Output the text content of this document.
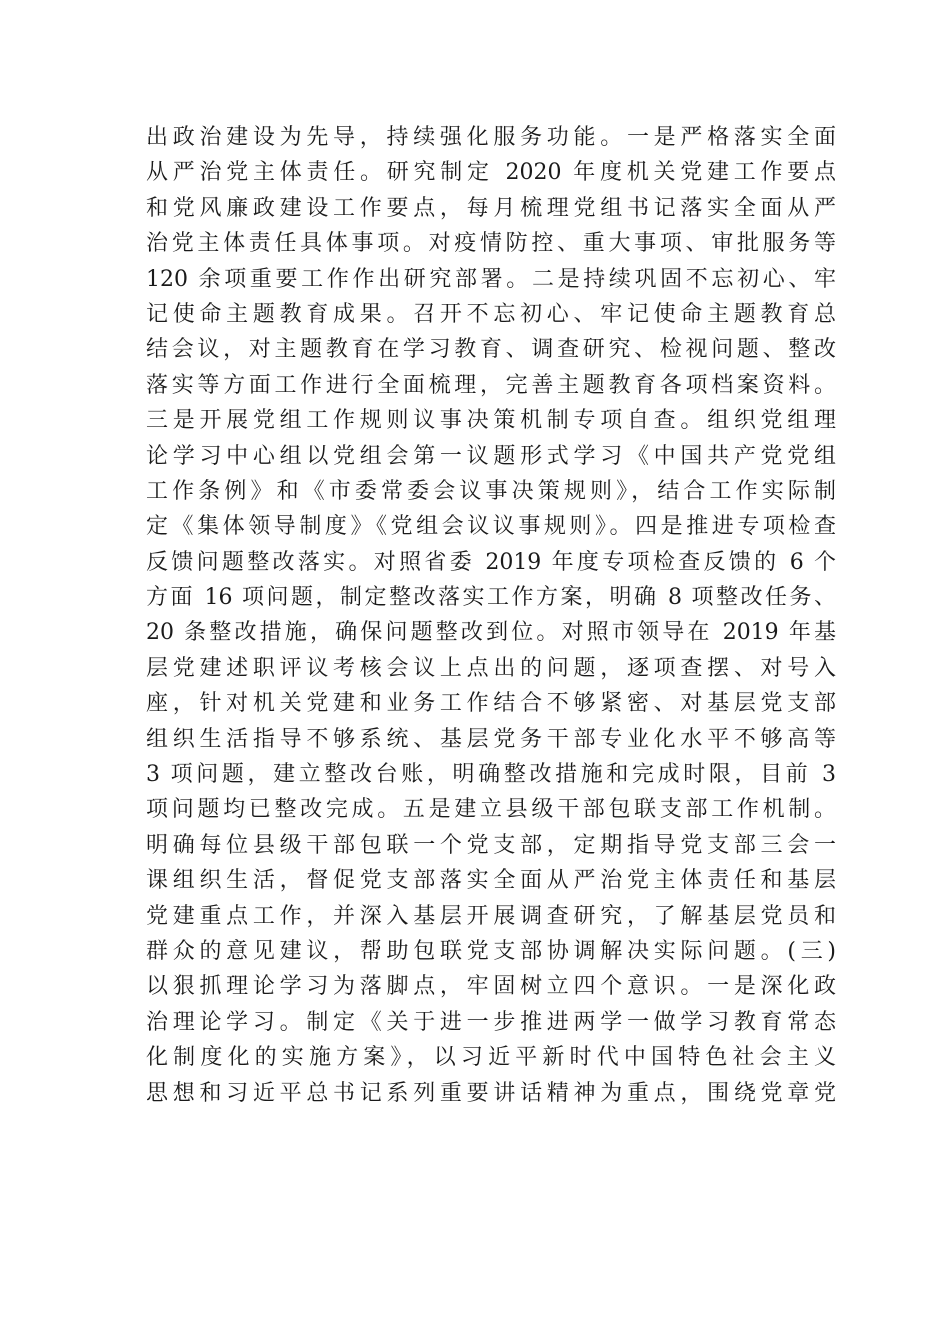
出政治建设为先导，持续强化服务功能。一是严格落实全面
从严治党主体责任。研究制定 2020 年度机关党建工作要点
和党风廉政建设工作要点，每月梳理党组书记落实全面从严
治党主体责任具体事项。对疫情防控、重大事项、审批服务等
120 余项重要工作作出研究部署。二是持续巩固不忘初心、牢
记使命主题教育成果。召开不忘初心、牢记使命主题教育总
结会议，对主题教育在学习教育、调查研究、检视问题、整改
落实等方面工作进行全面梳理，完善主题教育各项档案资料。
三是开展党组工作规则议事决策机制专项自查。组织党组理
论学习中心组以党组会第一议题形式学习《中国共产党党组
工作条例》和《市委常委会议事决策规则》，结合工作实际制
定《集体领导制度》《党组会议议事规则》。四是推进专项检查
反馈问题整改落实。对照省委 2019 年度专项检查反馈的 6 个
方面 16 项问题，制定整改落实工作方案，明确 8 项整改任务、
20 条整改措施，确保问题整改到位。对照市领导在 2019 年基
层党建述职评议考核会议上点出的问题，逐项查摆、对号入
座，针对机关党建和业务工作结合不够紧密、对基层党支部
组织生活指导不够系统、基层党务干部专业化水平不够高等
3 项问题，建立整改台账，明确整改措施和完成时限，目前 3
项问题均已整改完成。五是建立县级干部包联支部工作机制。
明确每位县级干部包联一个党支部，定期指导党支部三会一
课组织生活，督促党支部落实全面从严治党主体责任和基层
党建重点工作，并深入基层开展调查研究，了解基层党员和
群众的意见建议，帮助包联党支部协调解决实际问题。(三)
以狠抓理论学习为落脚点，牢固树立四个意识。一是深化政
治理论学习。制定《关于进一步推进两学一做学习教育常态
化制度化的实施方案》，以习近平新时代中国特色社会主义
思想和习近平总书记系列重要讲话精神为重点，围绕党章党
